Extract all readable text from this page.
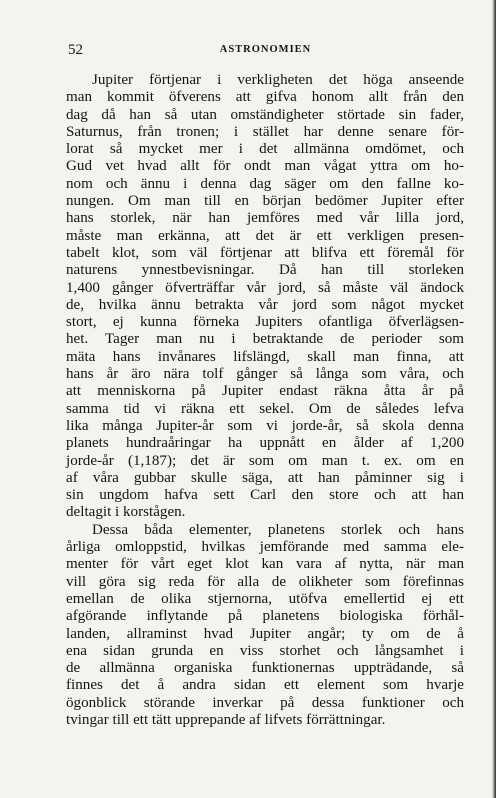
52	ASTRONOMIEN
Jupiter förtjenar i verkligheten det höga anseende
man kommit öfverens att gifva honom allt från den
dag då han så utan omständigheter störtade sin fader,
Saturnus, från tronen; i stället har denne senare för-
lorat så mycket mer i det allmänna omdömet, och
Gud vet hvad allt för ondt man vågat yttra om ho-
nom och ännu i denna dag säger om den fallne ko-
nungen. Om man till en början bedömer Jupiter efter
hans storlek, när han jemföres med vår lilla jord,
måste man erkänna, att det är ett verkligen presen-
tabelt klot, som väl förtjenar att blifva ett föremål för
naturens ynnestbevisningar. Då han till storleken
1,400 gånger öfverträffar vår jord, så måste väl ändock
de, hvilka ännu betrakta vår jord som något mycket
stort, ej kunna förneka Jupiters ofantliga öfverlägsen-
het. Tager man nu i betraktande de perioder som
mäta hans invånares lifslängd, skall man finna, att
hans år äro nära tolf gånger så långa som våra, och
att menniskorna på Jupiter endast räkna åtta år på
samma tid vi räkna ett sekel. Om de således lefva
lika många Jupiter-år som vi jorde-år, så skola denna
planets hundraåringar ha uppnått en ålder af 1,200
jorde-år (1,187); det är som om man t. ex. om en
af våra gubbar skulle säga, att han påminner sig i
sin ungdom hafva sett Carl den store och att han
deltagit i korstågen.
Dessa båda elementer, planetens storlek och hans
årliga omloppstid, hvilkas jemförande med samma ele-
menter för vårt eget klot kan vara af nytta, när man
vill göra sig reda för alla de olikheter som förefinnas
emellan de olika stjernorna, utöfva emellertid ej ett
afgörande inflytande på planetens biologiska förhål-
landen, allraminst hvad Jupiter angår; ty om de å
ena sidan grunda en viss storhet och långsamhet i
de allmänna organiska funktionernas uppträdande, så
finnes det å andra sidan ett element som hvarje
ögonblick störande inverkar på dessa funktioner och
tvingar till ett tätt upprepande af lifvets förrättningar.
